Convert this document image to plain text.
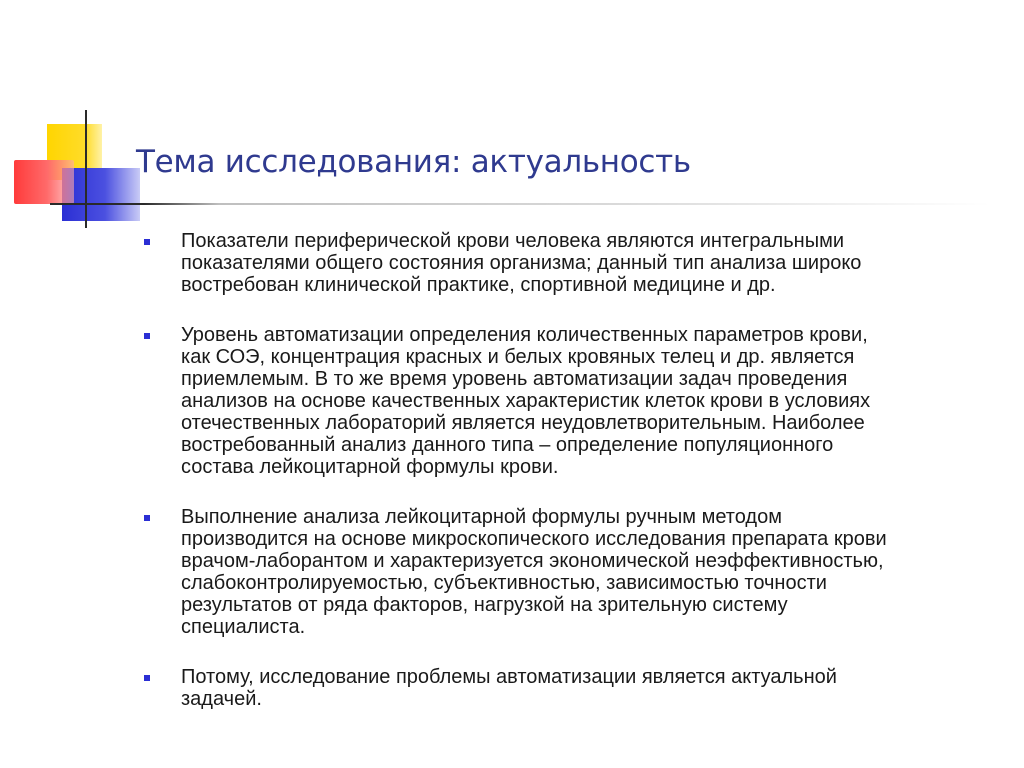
Тема исследования: актуальность
Показатели периферической крови человека являются интегральными
показателями общего состояния организма; данный тип анализа широко
востребован клинической практике, спортивной медицине и др.
Уровень автоматизации определения количественных параметров крови,
как СОЭ, концентрация красных и белых кровяных телец и др. является
приемлемым. В то же время уровень автоматизации задач проведения
анализов на основе качественных характеристик клеток крови в условиях
отечественных лабораторий является неудовлетворительным. Наиболее
востребованный анализ данного типа – определение популяционного
состава лейкоцитарной формулы крови.
Выполнение анализа лейкоцитарной формулы ручным методом
производится на основе микроскопического исследования препарата крови
врачом-лаборантом и характеризуется экономической неэффективностью,
слабоконтролируемостью, субъективностью, зависимостью точности
результатов от ряда факторов, нагрузкой на зрительную систему
специалиста.
Потому, исследование проблемы автоматизации является актуальной
задачей.
